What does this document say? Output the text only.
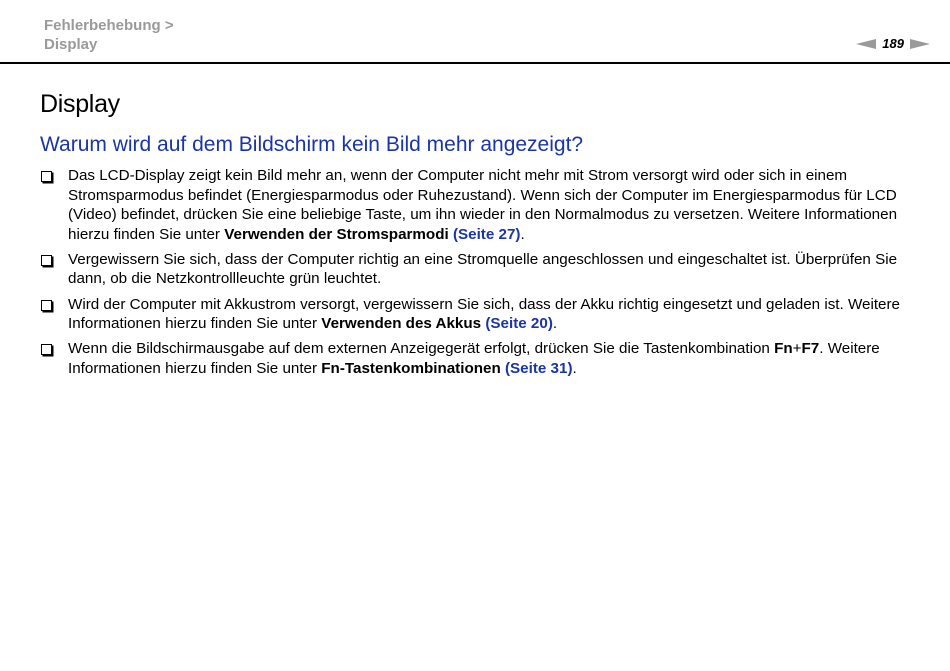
Fehlerbehebung >
Display	189
Display
Warum wird auf dem Bildschirm kein Bild mehr angezeigt?
Das LCD-Display zeigt kein Bild mehr an, wenn der Computer nicht mehr mit Strom versorgt wird oder sich in einem Stromsparmodus befindet (Energiesparmodus oder Ruhezustand). Wenn sich der Computer im Energiesparmodus für LCD (Video) befindet, drücken Sie eine beliebige Taste, um ihn wieder in den Normalmodus zu versetzen. Weitere Informationen hierzu finden Sie unter Verwenden der Stromsparmodi (Seite 27).
Vergewissern Sie sich, dass der Computer richtig an eine Stromquelle angeschlossen und eingeschaltet ist. Überprüfen Sie dann, ob die Netzkontrollleuchte grün leuchtet.
Wird der Computer mit Akkustrom versorgt, vergewissern Sie sich, dass der Akku richtig eingesetzt und geladen ist. Weitere Informationen hierzu finden Sie unter Verwenden des Akkus (Seite 20).
Wenn die Bildschirmausgabe auf dem externen Anzeigegerät erfolgt, drücken Sie die Tastenkombination Fn+F7. Weitere Informationen hierzu finden Sie unter Fn-Tastenkombinationen (Seite 31).
